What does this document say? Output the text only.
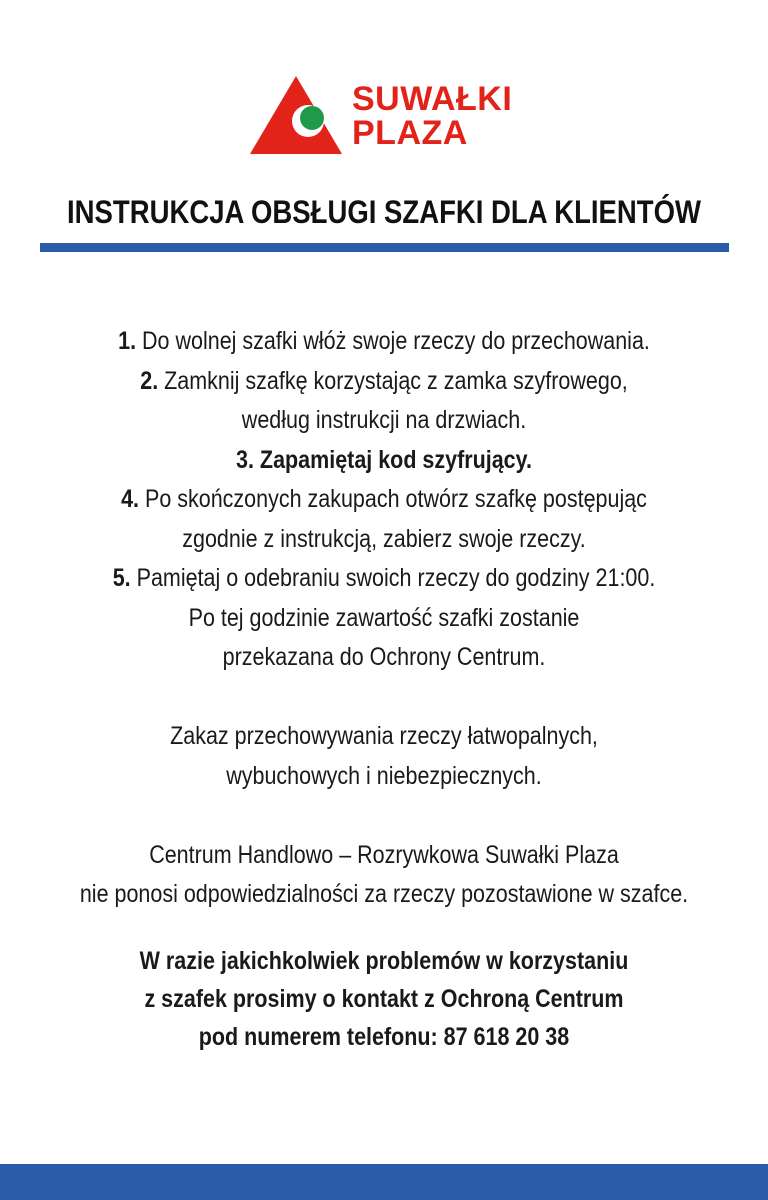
SUWAŁKI
PLAZA
INSTRUKCJA OBSŁUGI SZAFKI DLA KLIENTÓW
1. Do wolnej szafki włóż swoje rzeczy do przechowania.
2. Zamknij szafkę korzystając z zamka szyfrowego,
według instrukcji na drzwiach.
3. Zapamiętaj kod szyfrujący.
4. Po skończonych zakupach otwórz szafkę postępując
zgodnie z instrukcją, zabierz swoje rzeczy.
5. Pamiętaj o odebraniu swoich rzeczy do godziny 21:00.
Po tej godzinie zawartość szafki zostanie
przekazana do Ochrony Centrum.
Zakaz przechowywania rzeczy łatwopalnych,
wybuchowych i niebezpiecznych.
Centrum Handlowo – Rozrywkowa Suwałki Plaza
nie ponosi odpowiedzialności za rzeczy pozostawione w szafce.
W razie jakichkolwiek problemów w korzystaniu
z szafek prosimy o kontakt z Ochroną Centrum
pod numerem telefonu: 87 618 20 38
